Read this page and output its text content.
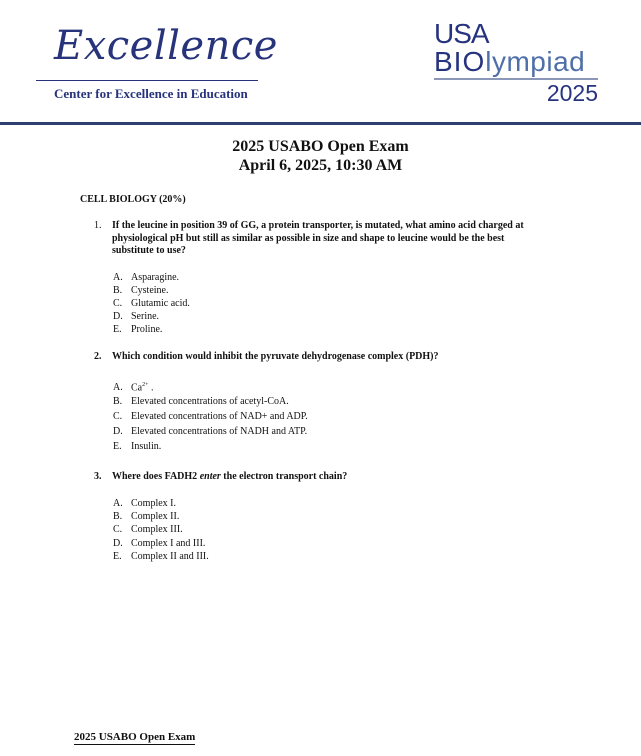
Excellence
Center for Excellence in Education
USA
BIOlympiad
2025
2025 USABO Open Exam
April 6, 2025, 10:30 AM
CELL BIOLOGY (20%)
1. If the leucine in position 39 of GG, a protein transporter, is mutated, what amino acid charged at physiological pH but still as similar as possible in size and shape to leucine would be the best substitute to use?
A. Asparagine.
B. Cysteine.
C. Glutamic acid.
D. Serine.
E. Proline.
2. Which condition would inhibit the pyruvate dehydrogenase complex (PDH)?
A. $Ca^{2+}$ .
B. Elevated concentrations of acetyl-CoA.
C. Elevated concentrations of NAD+ and ADP.
D. Elevated concentrations of NADH and ATP.
E. Insulin.
3. Where does FADH2 enter the electron transport chain?
A. Complex I.
B. Complex II.
C. Complex III.
D. Complex I and III.
E. Complex II and III.
2025 USABO Open Exam
